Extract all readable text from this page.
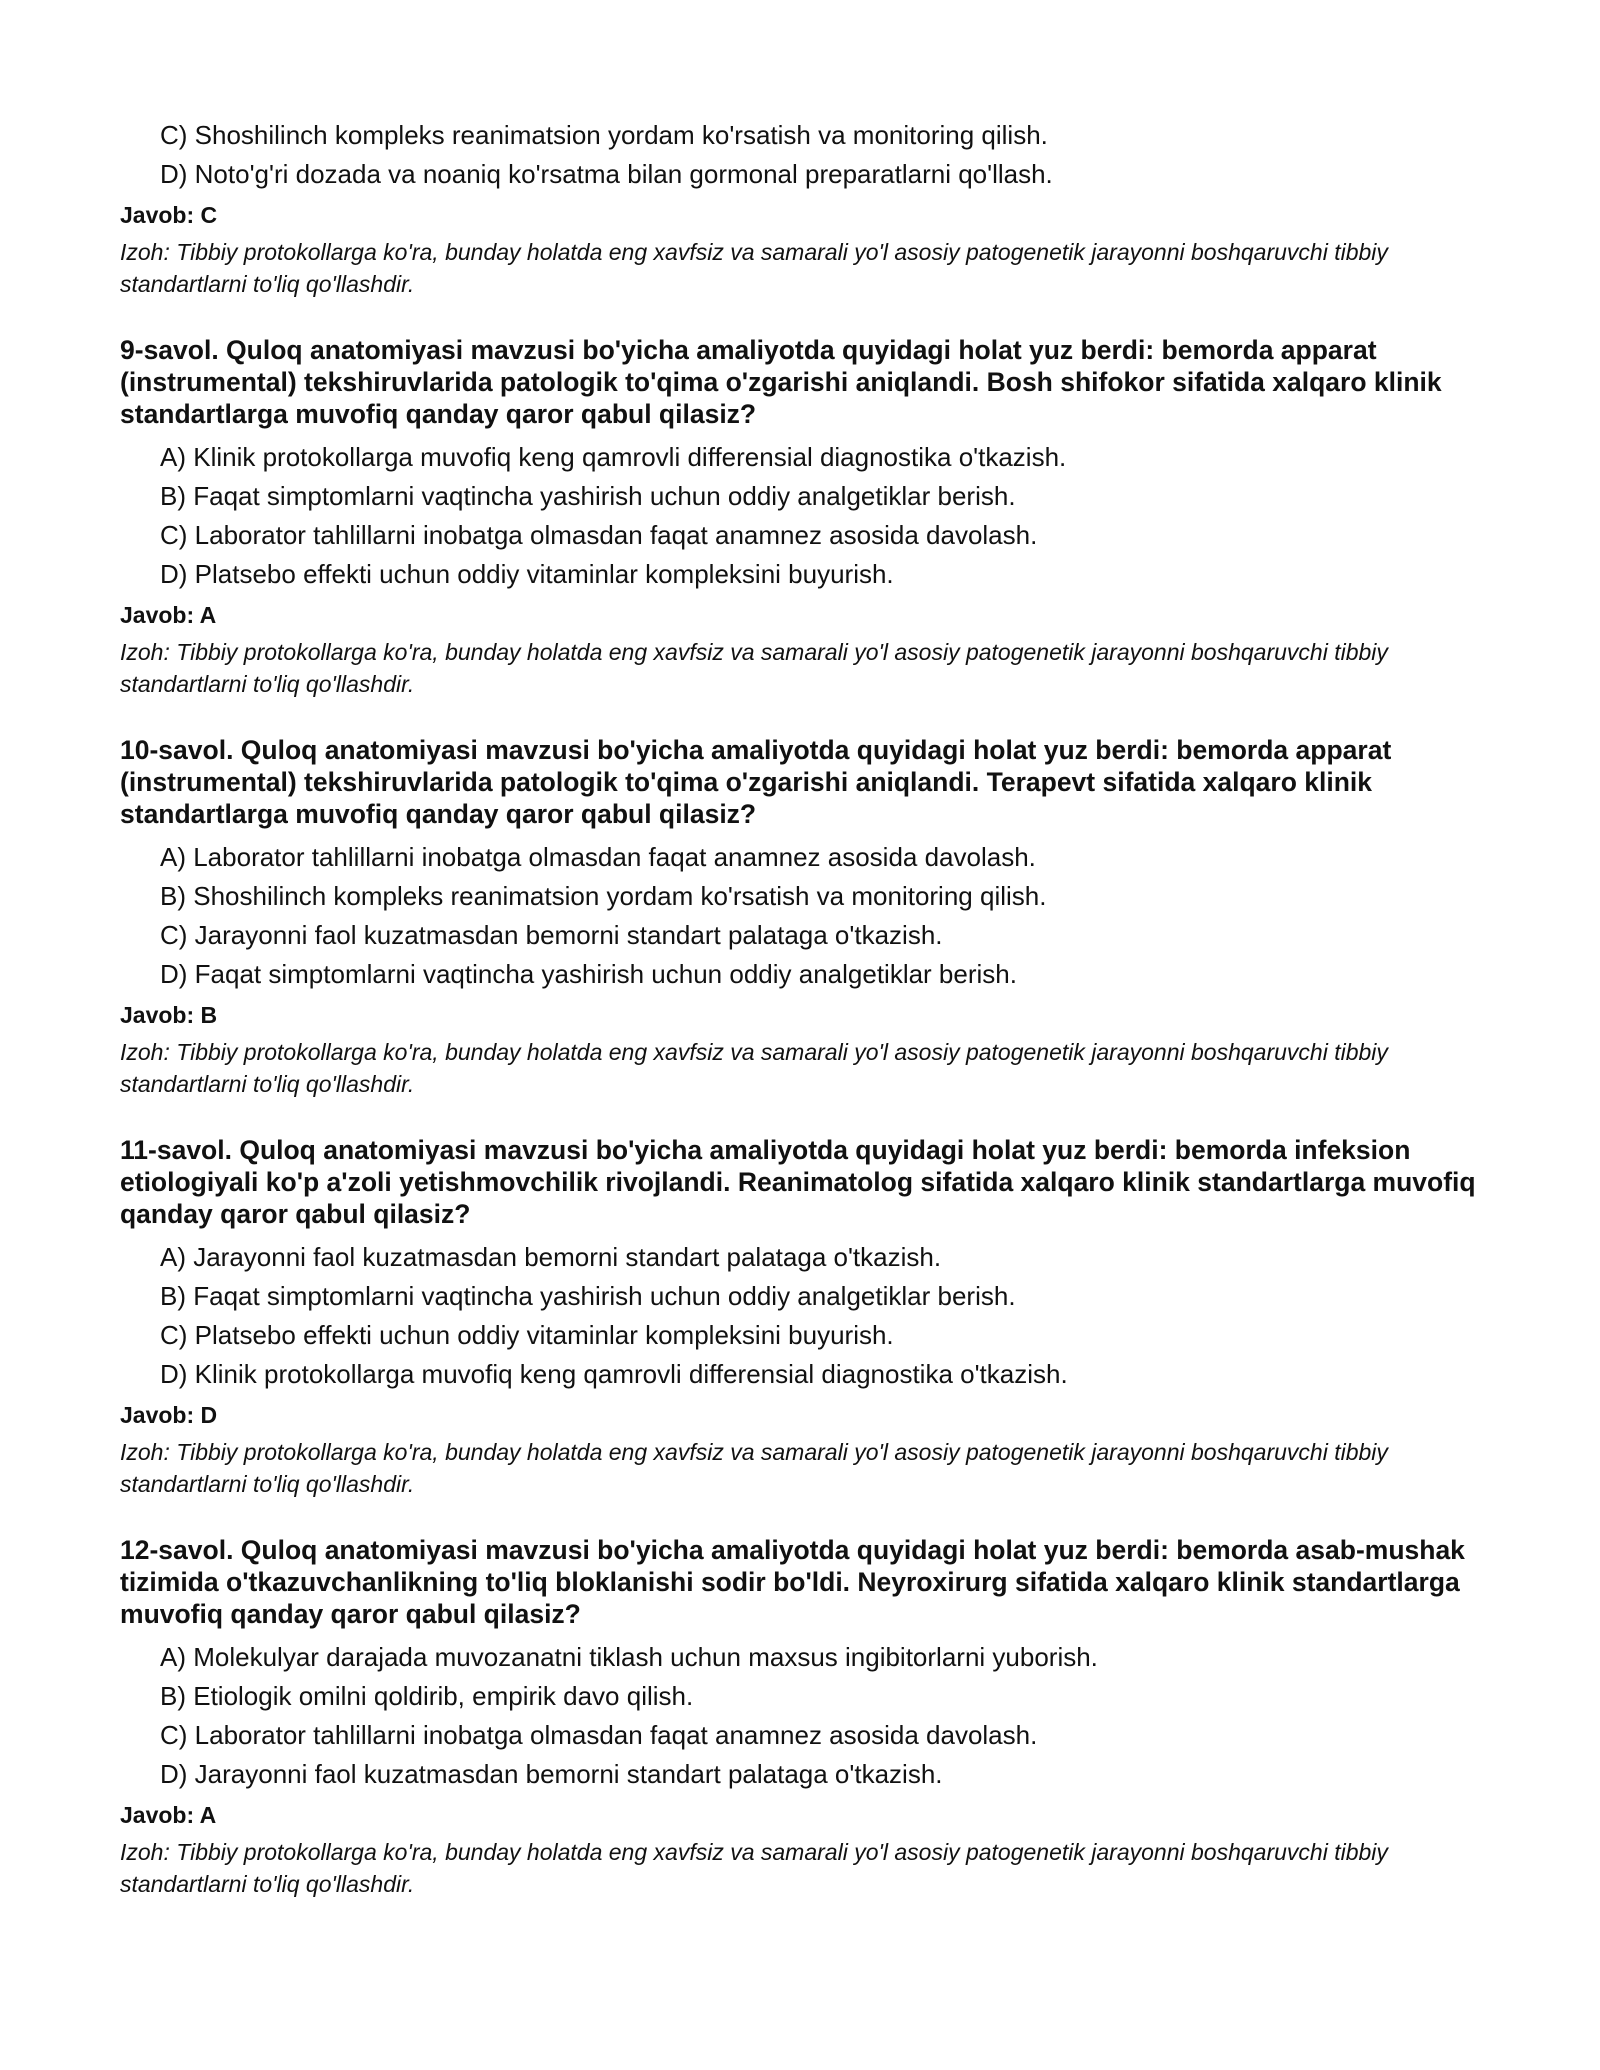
C) Shoshilinch kompleks reanimatsion yordam ko'rsatish va monitoring qilish.

D) Noto'g'ri dozada va noaniq ko'rsatma bilan gormonal preparatlarni qo'llash.

Javob: C

Izoh: Tibbiy protokollarga ko'ra, bunday holatda eng xavfsiz va samarali yo'l asosiy patogenetik jarayonni boshqaruvchi tibbiy standartlarni to'liq qo'llashdir.

9-savol. Quloq anatomiyasi mavzusi bo'yicha amaliyotda quyidagi holat yuz berdi: bemorda apparat (instrumental) tekshiruvlarida patologik to'qima o'zgarishi aniqlandi. Bosh shifokor sifatida xalqaro klinik standartlarga muvofiq qanday qaror qabul qilasiz?

A) Klinik protokollarga muvofiq keng qamrovli differensial diagnostika o'tkazish.

B) Faqat simptomlarni vaqtincha yashirish uchun oddiy analgetiklar berish.

C) Laborator tahlillarni inobatga olmasdan faqat anamnez asosida davolash.

D) Platsebo effekti uchun oddiy vitaminlar kompleksini buyurish.

Javob: A

Izoh: Tibbiy protokollarga ko'ra, bunday holatda eng xavfsiz va samarali yo'l asosiy patogenetik jarayonni boshqaruvchi tibbiy standartlarni to'liq qo'llashdir.

10-savol. Quloq anatomiyasi mavzusi bo'yicha amaliyotda quyidagi holat yuz berdi: bemorda apparat (instrumental) tekshiruvlarida patologik to'qima o'zgarishi aniqlandi. Terapevt sifatida xalqaro klinik standartlarga muvofiq qanday qaror qabul qilasiz?

A) Laborator tahlillarni inobatga olmasdan faqat anamnez asosida davolash.

B) Shoshilinch kompleks reanimatsion yordam ko'rsatish va monitoring qilish.

C) Jarayonni faol kuzatmasdan bemorni standart palataga o'tkazish.

D) Faqat simptomlarni vaqtincha yashirish uchun oddiy analgetiklar berish.

Javob: B

Izoh: Tibbiy protokollarga ko'ra, bunday holatda eng xavfsiz va samarali yo'l asosiy patogenetik jarayonni boshqaruvchi tibbiy standartlarni to'liq qo'llashdir.

11-savol. Quloq anatomiyasi mavzusi bo'yicha amaliyotda quyidagi holat yuz berdi: bemorda infeksion etiologiyali ko'p a'zoli yetishmovchilik rivojlandi. Reanimatolog sifatida xalqaro klinik standartlarga muvofiq qanday qaror qabul qilasiz?

A) Jarayonni faol kuzatmasdan bemorni standart palataga o'tkazish.

B) Faqat simptomlarni vaqtincha yashirish uchun oddiy analgetiklar berish.

C) Platsebo effekti uchun oddiy vitaminlar kompleksini buyurish.

D) Klinik protokollarga muvofiq keng qamrovli differensial diagnostika o'tkazish.

Javob: D

Izoh: Tibbiy protokollarga ko'ra, bunday holatda eng xavfsiz va samarali yo'l asosiy patogenetik jarayonni boshqaruvchi tibbiy standartlarni to'liq qo'llashdir.

12-savol. Quloq anatomiyasi mavzusi bo'yicha amaliyotda quyidagi holat yuz berdi: bemorda asab-mushak tizimida o'tkazuvchanlikning to'liq bloklanishi sodir bo'ldi. Neyroxirurg sifatida xalqaro klinik standartlarga muvofiq qanday qaror qabul qilasiz?

A) Molekulyar darajada muvozanatni tiklash uchun maxsus ingibitorlarni yuborish.

B) Etiologik omilni qoldirib, empirik davo qilish.

C) Laborator tahlillarni inobatga olmasdan faqat anamnez asosida davolash.

D) Jarayonni faol kuzatmasdan bemorni standart palataga o'tkazish.

Javob: A

Izoh: Tibbiy protokollarga ko'ra, bunday holatda eng xavfsiz va samarali yo'l asosiy patogenetik jarayonni boshqaruvchi tibbiy standartlarni to'liq qo'llashdir.
